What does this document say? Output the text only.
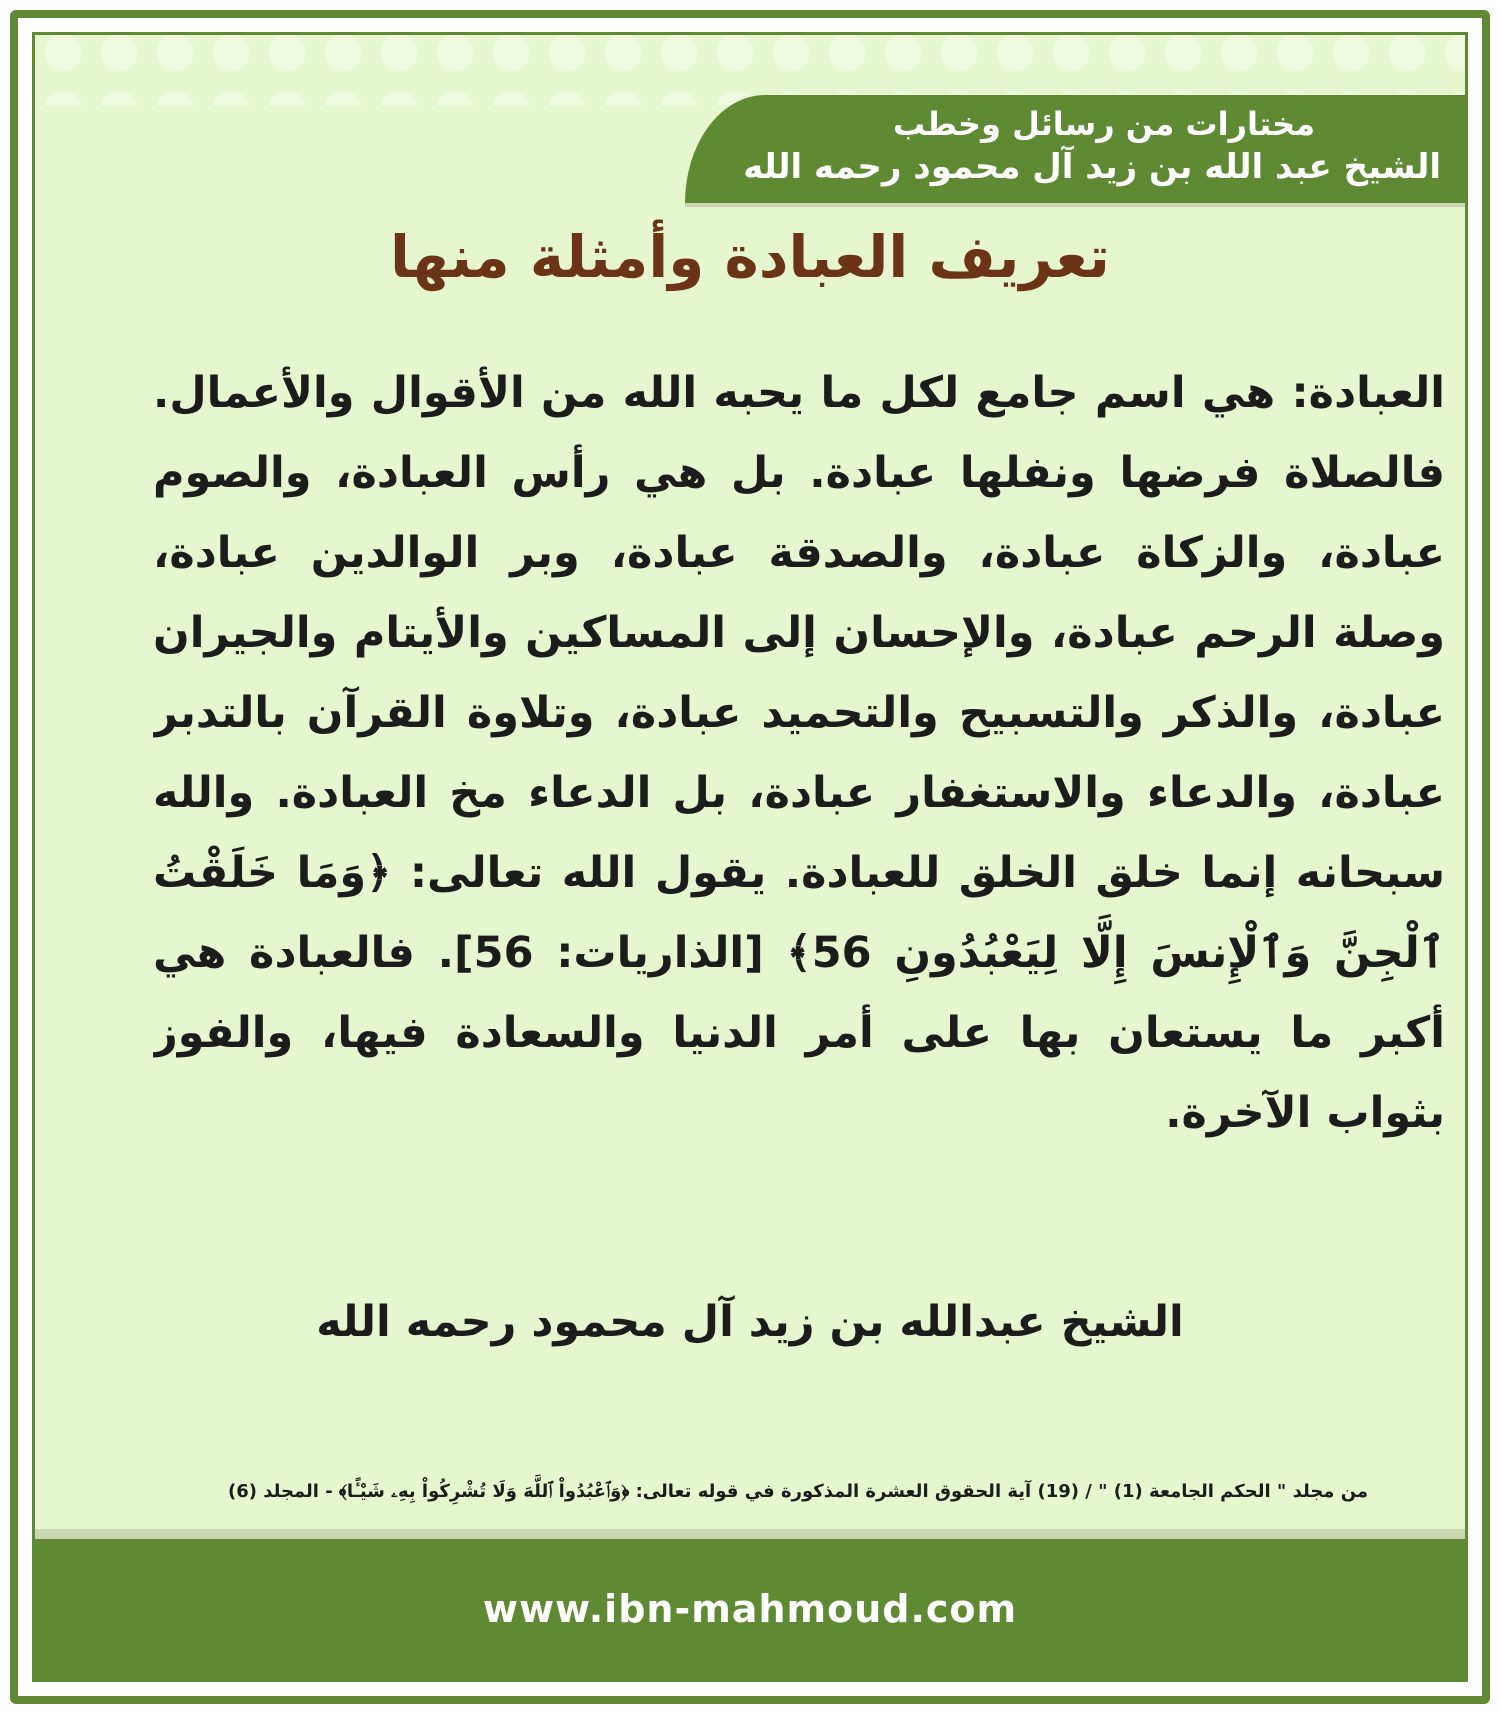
مختارات من رسائل وخطب
الشيخ عبد الله بن زيد آل محمود رحمه الله
تعريف العبادة وأمثلة منها
العبادة: هي اسم جامع لكل ما يحبه الله من الأقوال والأعمال. فالصلاة فرضها ونفلها عبادة. بل هي رأس العبادة، والصوم عبادة، والزكاة عبادة، والصدقة عبادة، وبر الوالدين عبادة، وصلة الرحم عبادة، والإحسان إلى المساكين والأيتام والجيران عبادة، والذكر والتسبيح والتحميد عبادة، وتلاوة القرآن بالتدبر عبادة، والدعاء والاستغفار عبادة، بل الدعاء مخ العبادة. والله سبحانه إنما خلق الخلق للعبادة. يقول الله تعالى: ﴿وَمَا خَلَقْتُ ٱلْجِنَّ وَٱلْإِنسَ إِلَّا لِيَعْبُدُونِ 56﴾ [الذاريات: 56]. فالعبادة هي أكبر ما يستعان بها على أمر الدنيا والسعادة فيها، والفوز بثواب الآخرة.
الشيخ عبدالله بن زيد آل محمود رحمه الله
من مجلد " الحكم الجامعة (1) " / (19) آية الحقوق العشرة المذكورة في قوله تعالى: ﴿وَٱعْبُدُواْ ٱللَّهَ وَلَا تُشْرِكُواْ بِهِۦ شَيْـًٔا﴾ - المجلد (6)
www.ibn-mahmoud.com
